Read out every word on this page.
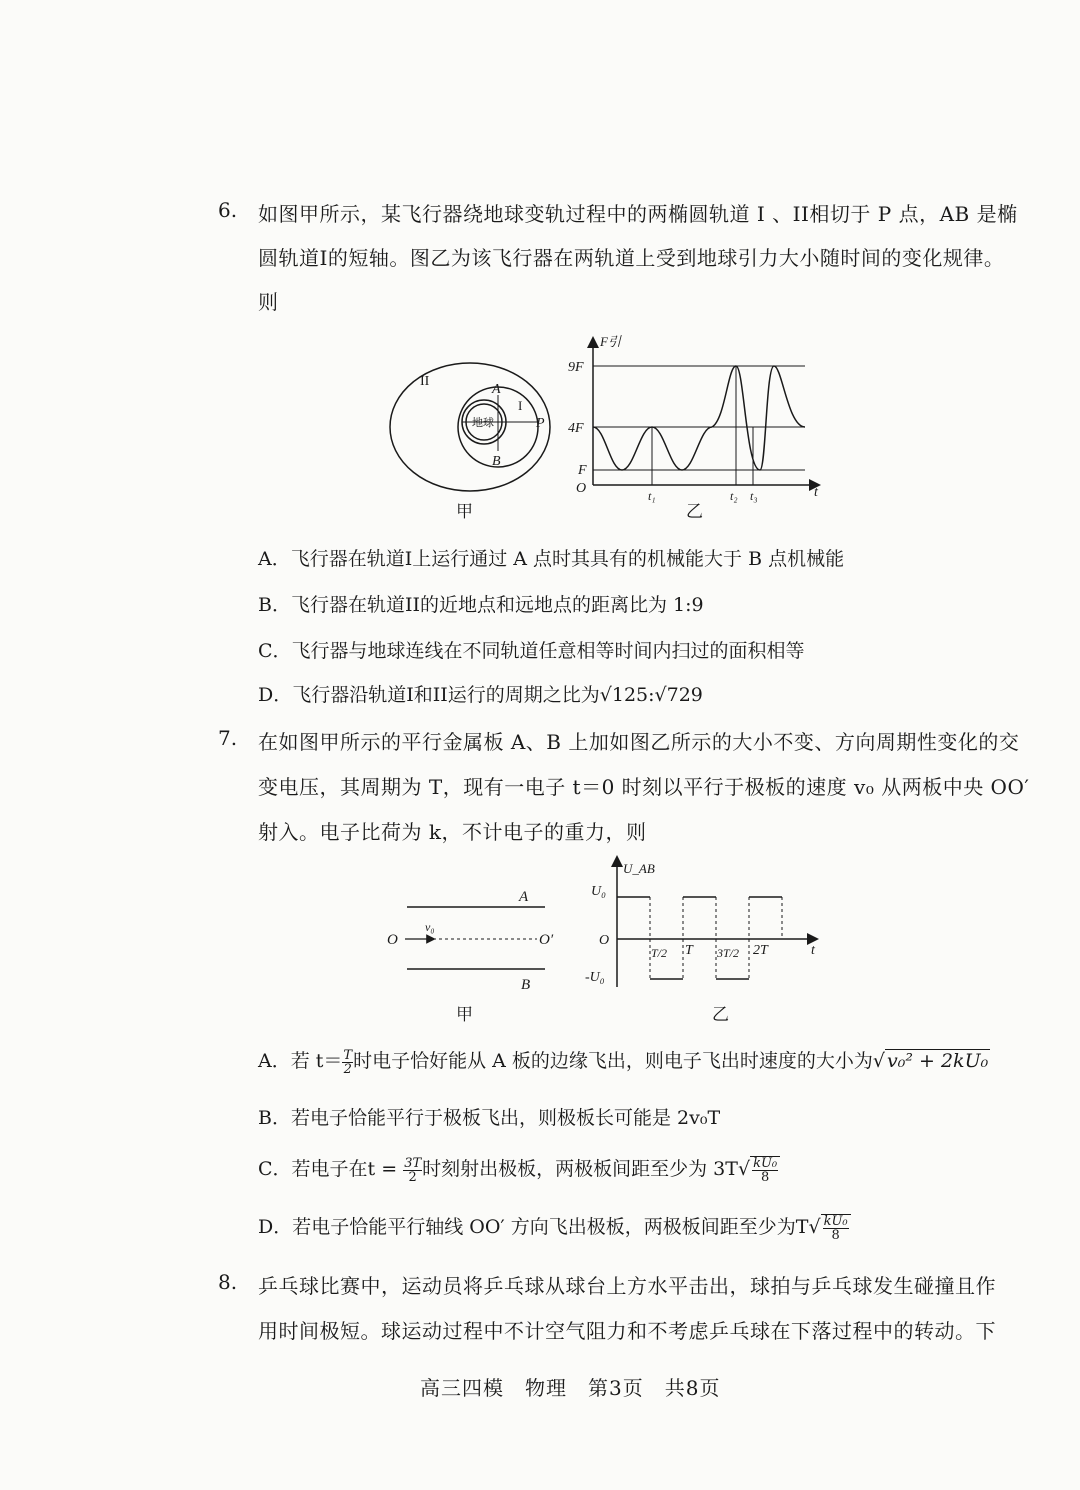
6. 如图甲所示，某飞行器绕地球变轨过程中的两椭圆轨道 I 、II相切于 P 点，AB 是椭
圆轨道I的短轴。图乙为该飞行器在两轨道上受到地球引力大小随时间的变化规律。
则
II
I
地球
A
B
P
甲
F引
9F
4F
F
O	t₁	t₂ t₃	t
乙
A．飞行器在轨道I上运行通过 A 点时其具有的机械能大于 B 点机械能
B．飞行器在轨道II的近地点和远地点的距离比为 1:9
C．飞行器与地球连线在不同轨道任意相等时间内扫过的面积相等
D．飞行器沿轨道I和II运行的周期之比为√125:√729
7. 在如图甲所示的平行金属板 A、B 上加如图乙所示的大小不变、方向周期性变化的交
变电压，其周期为 T，现有一电子 t＝0 时刻以平行于极板的速度 v₀ 从两板中央 OO′
射入。电子比荷为 k，不计电子的重力，则
A
B
O	O′
v₀
甲
U_AB
U₀
O
-U₀
T/2 T 3T/2 2T	t
乙
A．若 $t= \frac{T}{2}$ 时电子恰好能从 A 板的边缘飞出，则电子飞出时速度的大小为√ v₀² + 2kU₀
B．若电子恰能平行于极板飞出，则极板长可能是 2v₀T
C．若电子在$t = \frac{3T}{2}$ 时刻射出极板，两极板间距至少为 $3T√ \frac{\text{kU₀}}{8}$
D．若电子恰能平行轴线 OO′ 方向飞出极板，两极板间距至少为$T√ \frac{\text{kU₀}}{8}$
8. 乒乓球比赛中，运动员将乒乓球从球台上方水平击出，球拍与乒乓球发生碰撞且作
用时间极短。球运动过程中不计空气阻力和不考虑乒乓球在下落过程中的转动。下
高三四模　物理　第3页　共8页
